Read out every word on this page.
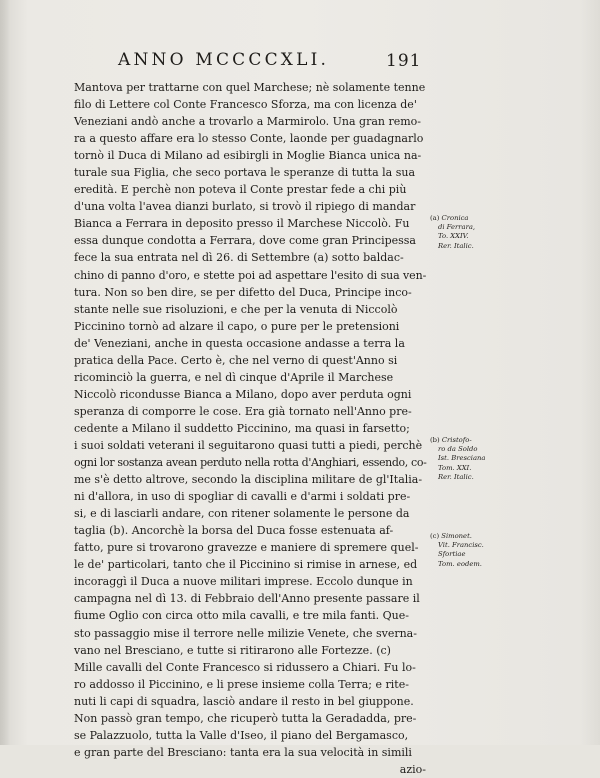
ANNO MCCCCXLI.	191
Mantova per trattarne con quel Marchese; nè solamente tenne
filo di Lettere col Conte Francesco Sforza, ma con licenza de'
Veneziani andò anche a trovarlo a Marmirolo. Una gran remo-
ra a questo affare era lo stesso Conte, laonde per guadagnarlo
tornò il Duca di Milano ad esibirgli in Moglie Bianca unica na-
turale sua Figlia, che seco portava le speranze di tutta la sua
eredità. E perchè non poteva il Conte prestar fede a chi più
d'una volta l'avea dianzi burlato, si trovò il ripiego di mandar
Bianca a Ferrara in deposito presso il Marchese Niccolò. Fu
essa dunque condotta a Ferrara, dove come gran Principessa
fece la sua entrata nel dì 26. di Settembre (a) sotto baldac-
chino di panno d'oro, e stette poi ad aspettare l'esito di sua ven-
tura. Non so ben dire, se per difetto del Duca, Principe inco-
stante nelle sue risoluzioni, e che per la venuta di Niccolò
Piccinino tornò ad alzare il capo, o pure per le pretensioni
de' Veneziani, anche in questa occasione andasse a terra la
pratica della Pace. Certo è, che nel verno di quest'Anno si
ricominciò la guerra, e nel dì cinque d'Aprile il Marchese
Niccolò ricondusse Bianca a Milano, dopo aver perduta ogni
speranza di comporre le cose. Era già tornato nell'Anno pre-
cedente a Milano il suddetto Piccinino, ma quasi in farsetto;
i suoi soldati veterani il seguitarono quasi tutti a piedi, perchè
ogni lor sostanza avean perduto nella rotta d'Anghiari, essendo, co-
me s'è detto altrove, secondo la disciplina militare de gl'Italia-
ni d'allora, in uso di spogliar di cavalli e d'armi i soldati pre-
si, e di lasciarli andare, con ritener solamente le persone da
taglia (b). Ancorchè la borsa del Duca fosse estenuata af-
fatto, pure si trovarono gravezze e maniere di spremere quel-
le de' particolari, tanto che il Piccinino si rimise in arnese, ed
incoraggì il Duca a nuove militari imprese. Eccolo dunque in
campagna nel dì 13. di Febbraio dell'Anno presente passare il
fiume Oglio con circa otto mila cavalli, e tre mila fanti. Que-
sto passaggio mise il terrore nelle milizie Venete, che sverna-
vano nel Bresciano, e tutte si ritirarono alle Fortezze. (c)
Mille cavalli del Conte Francesco si ridussero a Chiari. Fu lo-
ro addosso il Piccinino, e li prese insieme colla Terra; e rite-
nuti li capi di squadra, lasciò andare il resto in bel giuppone.
Non passò gran tempo, che ricuperò tutta la Geradadda, pre-
se Palazzuolo, tutta la Valle d'Iseo, il piano del Bergamasco,
e gran parte del Bresciano: tanta era la sua velocità in simili
azio-
(a) Cronica
di Ferrara,
To. XXIV.
Rer. Italic.
(b) Cristofo-
ro da Soldo
Ist. Bresciana
Tom. XXI.
Rer. Italic.
(c) Simonet.
Vit. Francisc.
Sfortiae
Tom. eodem.
